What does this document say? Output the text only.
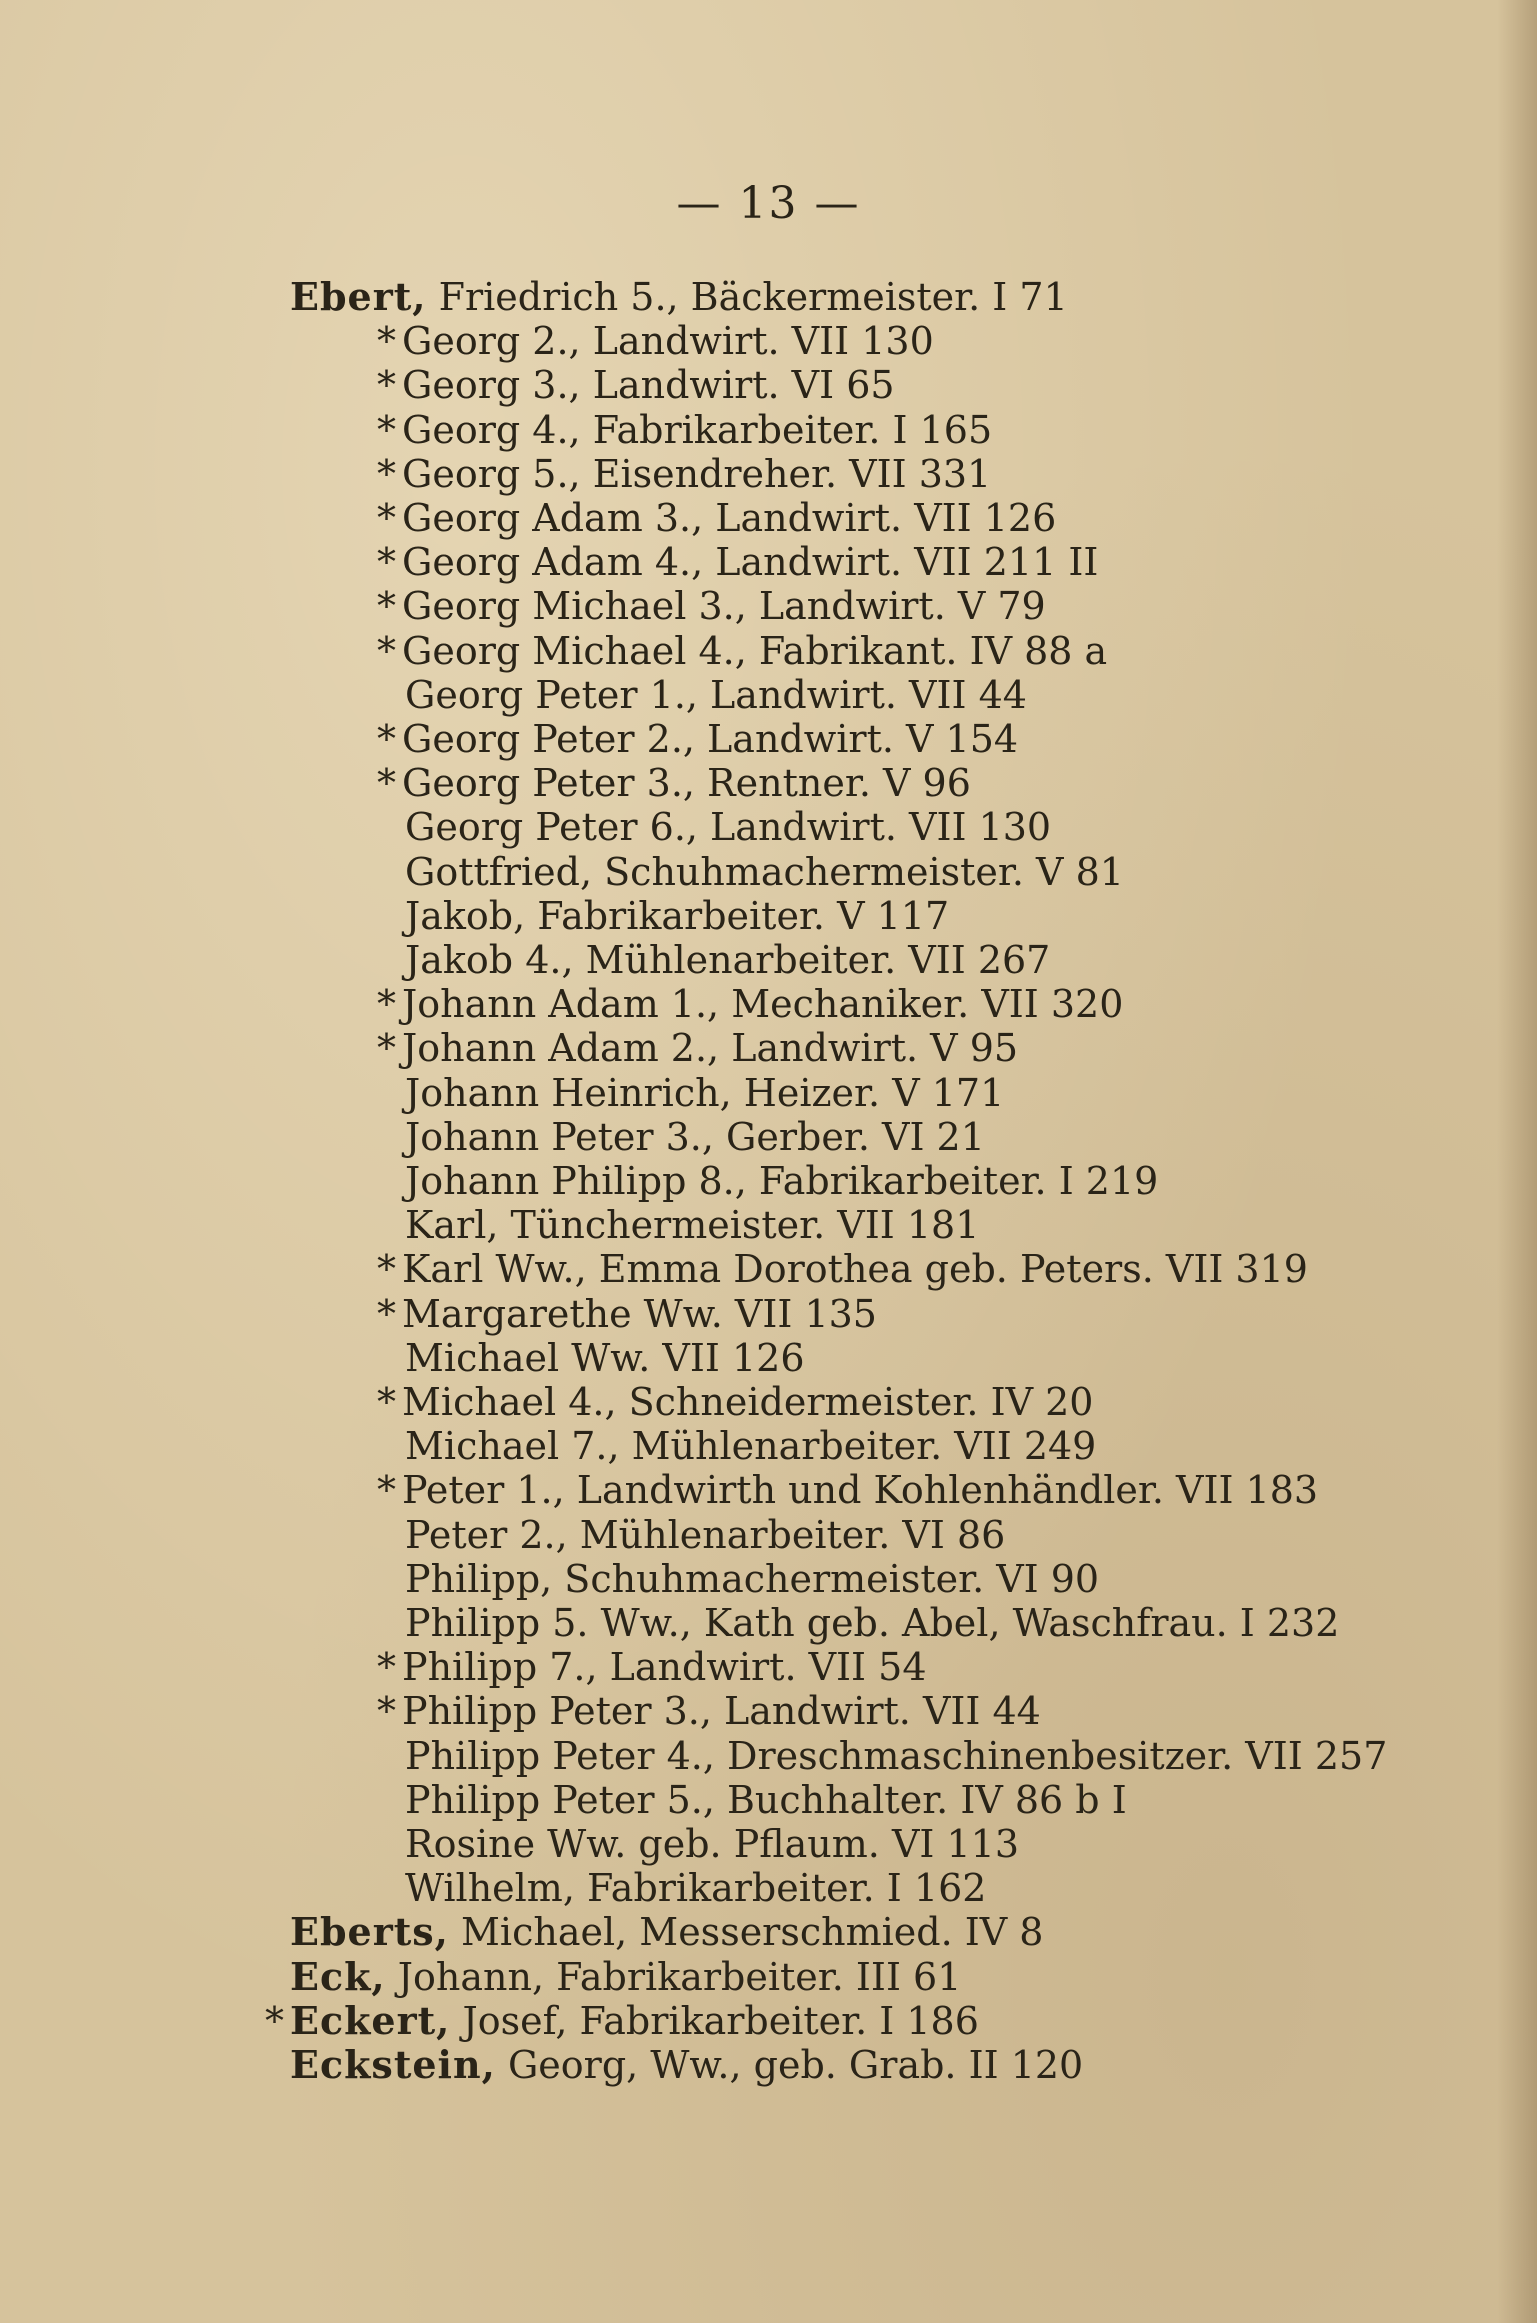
— 13 —
Ebert, Friedrich 5., Bäckermeister. I 71
* Georg 2., Landwirt. VII 130
* Georg 3., Landwirt. VI 65
* Georg 4., Fabrikarbeiter. I 165
* Georg 5., Eisendreher. VII 331
* Georg Adam 3., Landwirt. VII 126
* Georg Adam 4., Landwirt. VII 211 II
* Georg Michael 3., Landwirt. V 79
* Georg Michael 4., Fabrikant. IV 88 a
Georg Peter 1., Landwirt. VII 44
* Georg Peter 2., Landwirt. V 154
* Georg Peter 3., Rentner. V 96
Georg Peter 6., Landwirt. VII 130
Gottfried, Schuhmachermeister. V 81
Jakob, Fabrikarbeiter. V 117
Jakob 4., Mühlenarbeiter. VII 267
* Johann Adam 1., Mechaniker. VII 320
* Johann Adam 2., Landwirt. V 95
Johann Heinrich, Heizer. V 171
Johann Peter 3., Gerber. VI 21
Johann Philipp 8., Fabrikarbeiter. I 219
Karl, Tünchermeister. VII 181
* Karl Ww., Emma Dorothea geb. Peters. VII 319
* Margarethe Ww. VII 135
Michael Ww. VII 126
* Michael 4., Schneidermeister. IV 20
Michael 7., Mühlenarbeiter. VII 249
* Peter 1., Landwirth und Kohlenhändler. VII 183
Peter 2., Mühlenarbeiter. VI 86
Philipp, Schuhmachermeister. VI 90
Philipp 5. Ww., Kath geb. Abel, Waschfrau. I 232
* Philipp 7., Landwirt. VII 54
* Philipp Peter 3., Landwirt. VII 44
Philipp Peter 4., Dreschmaschinenbesitzer. VII 257
Philipp Peter 5., Buchhalter. IV 86 b I
Rosine Ww. geb. Pflaum. VI 113
Wilhelm, Fabrikarbeiter. I 162
Eberts, Michael, Messerschmied. IV 8
Eck, Johann, Fabrikarbeiter. III 61
* Eckert, Josef, Fabrikarbeiter. I 186
Eckstein, Georg, Ww., geb. Grab. II 120
